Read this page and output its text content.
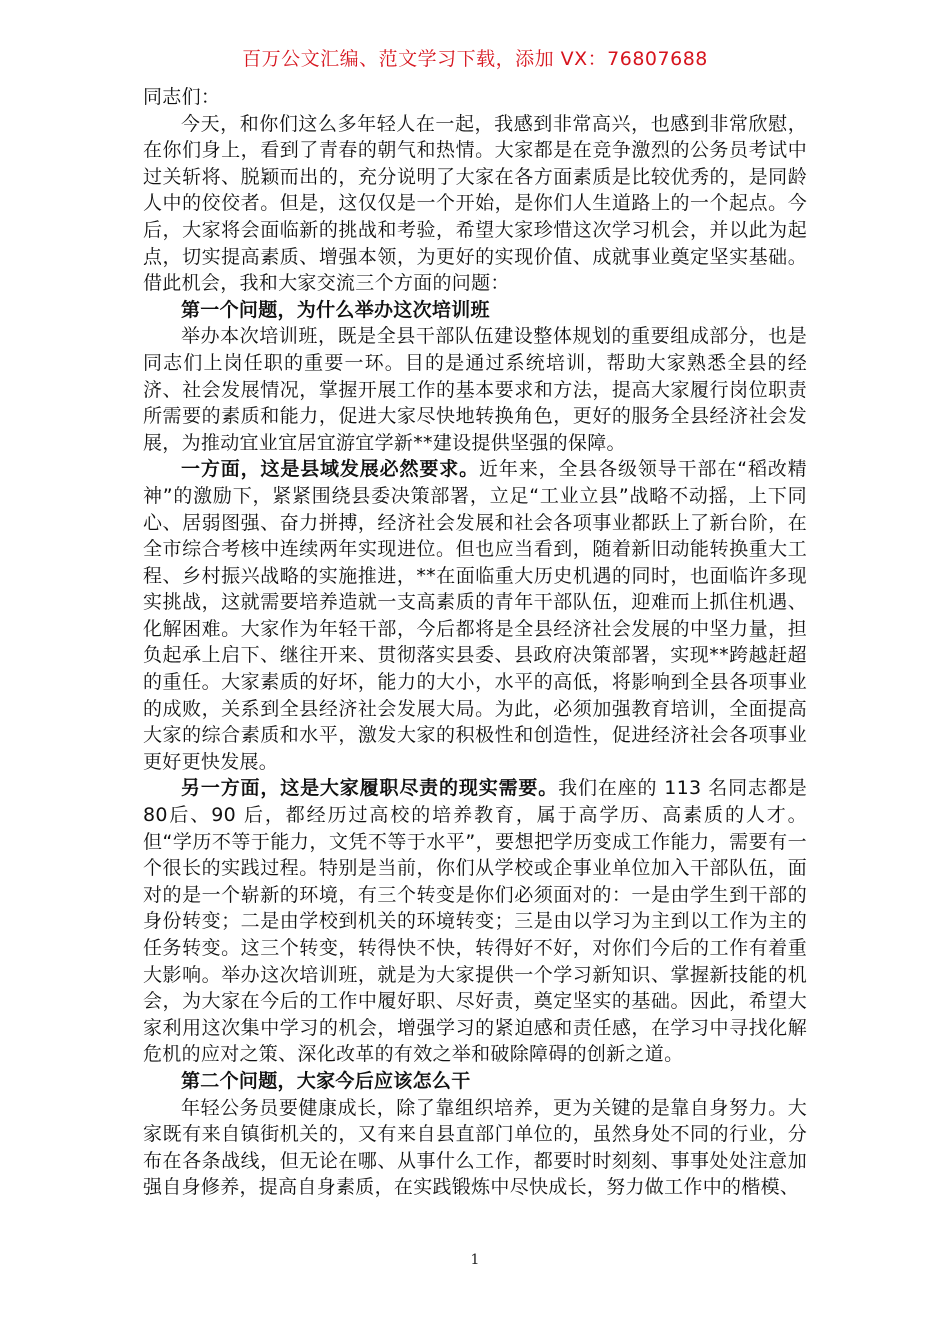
百万公文汇编、范文学习下载，添加 VX：76807688

同志们：

今天，和你们这么多年轻人在一起，我感到非常高兴，也感到非常欣慰，在你们身上，看到了青春的朝气和热情。大家都是在竞争激烈的公务员考试中过关斩将、脱颖而出的，充分说明了大家在各方面素质是比较优秀的，是同龄人中的佼佼者。但是，这仅仅是一个开始，是你们人生道路上的一个起点。今后，大家将会面临新的挑战和考验，希望大家珍惜这次学习机会，并以此为起点，切实提高素质、增强本领，为更好的实现价值、成就事业奠定坚实基础。借此机会，我和大家交流三个方面的问题：

第一个问题，为什么举办这次培训班

举办本次培训班，既是全县干部队伍建设整体规划的重要组成部分，也是同志们上岗任职的重要一环。目的是通过系统培训，帮助大家熟悉全县的经济、社会发展情况，掌握开展工作的基本要求和方法，提高大家履行岗位职责所需要的素质和能力，促进大家尽快地转换角色，更好的服务全县经济社会发展，为推动宜业宜居宜游宜学新**建设提供坚强的保障。

一方面，这是县域发展必然要求。近年来，全县各级领导干部在“稻改精神”的激励下，紧紧围绕县委决策部署，立足“工业立县”战略不动摇，上下同心、居弱图强、奋力拼搏，经济社会发展和社会各项事业都跃上了新台阶，在全市综合考核中连续两年实现进位。但也应当看到，随着新旧动能转换重大工程、乡村振兴战略的实施推进，**在面临重大历史机遇的同时，也面临许多现实挑战，这就需要培养造就一支高素质的青年干部队伍，迎难而上抓住机遇、化解困难。大家作为年轻干部，今后都将是全县经济社会发展的中坚力量，担负起承上启下、继往开来、贯彻落实县委、县政府决策部署，实现**跨越赶超的重任。大家素质的好坏，能力的大小，水平的高低，将影响到全县各项事业的成败，关系到全县经济社会发展大局。为此，必须加强教育培训，全面提高大家的综合素质和水平，激发大家的积极性和创造性，促进经济社会各项事业更好更快发展。

另一方面，这是大家履职尽责的现实需要。我们在座的 113 名同志都是 80后、90 后，都经历过高校的培养教育，属于高学历、高素质的人才。但“学历不等于能力，文凭不等于水平”，要想把学历变成工作能力，需要有一个很长的实践过程。特别是当前，你们从学校或企事业单位加入干部队伍，面对的是一个崭新的环境，有三个转变是你们必须面对的：一是由学生到干部的身份转变；二是由学校到机关的环境转变；三是由以学习为主到以工作为主的任务转变。这三个转变，转得快不快，转得好不好，对你们今后的工作有着重大影响。举办这次培训班，就是为大家提供一个学习新知识、掌握新技能的机会，为大家在今后的工作中履好职、尽好责，奠定坚实的基础。因此，希望大家利用这次集中学习的机会，增强学习的紧迫感和责任感，在学习中寻找化解危机的应对之策、深化改革的有效之举和破除障碍的创新之道。

第二个问题，大家今后应该怎么干

年轻公务员要健康成长，除了靠组织培养，更为关键的是靠自身努力。大家既有来自镇街机关的，又有来自县直部门单位的，虽然身处不同的行业，分布在各条战线，但无论在哪、从事什么工作，都要时时刻刻、事事处处注意加强自身修养，提高自身素质，在实践锻炼中尽快成长，努力做工作中的楷模、

1
